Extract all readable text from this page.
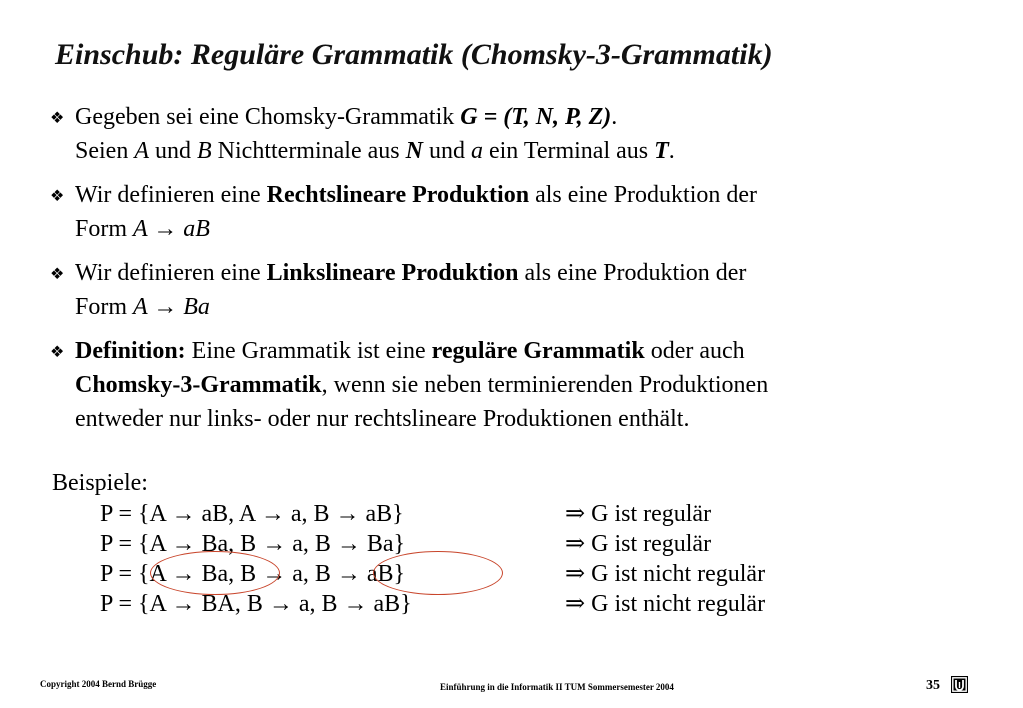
Einschub: Reguläre Grammatik (Chomsky-3-Grammatik)
❖ Gegeben sei eine Chomsky-Grammatik G = (T, N, P, Z).
Seien A und B Nichtterminale aus N und a ein Terminal aus T.
❖ Wir definieren eine Rechtslineare Produktion als eine Produktion der
Form A → aB
❖ Wir definieren eine Linkslineare Produktion als eine Produktion der
Form A → Ba
❖ Definition: Eine Grammatik ist eine reguläre Grammatik oder auch
Chomsky-3-Grammatik, wenn sie neben terminierenden Produktionen
entweder nur links- oder nur rechtslineare Produktionen enthält.
Beispiele:
P = {A → aB, A → a, B → aB}	⇒ G ist regulär
P = {A → Ba, B → a, B → Ba}	⇒ G ist regulär
P = {A → Ba, B → a, B → aB}	⇒ G ist nicht regulär
P = {A → BA, B → a, B → aB}	⇒ G ist nicht regulär
Copyright 2004 Bernd Brügge	Einführung in die Informatik II TUM Sommersemester 2004	35
